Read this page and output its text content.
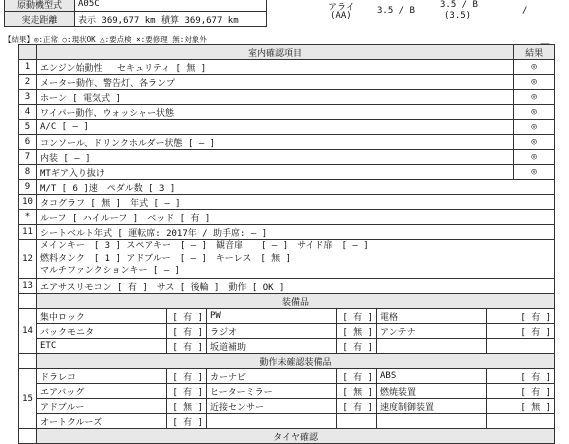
原動機型式	A05C
実走距離	表示 369,677 km 積算 369,677 km
アライ
(AA)	3.5 / B
3.5 / B
(3.5)	/
【結果】◎:正常 ○:現状OK △:要点検 ×:要修理 無:対象外
	室内確認項目						結果
1	エンジン始動性　 セキュリティ [ 無 ]						◎
2	メーター動作、警告灯、各ランプ						◎
3	ホーン [ 電気式 ]						◎
4	ワイパー動作、ウォッシャー状態						◎
5	A/C [ ― ]						◎
6	コンソール、ドリンクホルダー状態 [ ― ]						◎
7	内装 [ ― ]						◎
8	MTギア入り抜け						◎
9	M/T [ 6 ]速　ペダル数 [ 3 ]						
10	タコグラフ [ 無 ]　年式 [ ― ]						
*	ルーフ [ ハイルーフ ]　ベッド [ 有 ]						
11	シートベルト年式 [ 運転席: 2017年 / 助手席: ― ]						
12	メインキー　[ 3 ] スペアキー　[ ― ]　観音扉　　[ ― ]　サイド扉　[ ― ]
燃料タンク　[ 1 ] アドブルー　[ ― ]　キーレス　[ 無 ]
マルチファンクションキー [ ― ]						

13	エアサスリモコン [ 有 ]　サス [ 後輪 ]　動作 [ OK ]						
	装備品						
14	集中ロック	[ 有 ]	PW	[ 有 ]	電格	[ 有 ]	
	バックモニタ	[ 有 ]	ラジオ	[ 無 ]	アンテナ	[ 有 ]	
	ETC	[ 有 ]	坂道補助	[ 有 ]			
	動作未確認装備品						
15	ドラレコ	[ 有 ]	カーナビ	[ 有 ]	ABS	[ 有 ]	
	エアバッグ	[ 有 ]	ヒーターミラー	[ 無 ]	燃焼装置	[ 有 ]	
	アドブルー	[ 無 ]	近接センサー	[ 有 ]	速度制御装置	[ 無 ]	
	オートクルーズ	[ 有 ]					
	タイヤ確認						
